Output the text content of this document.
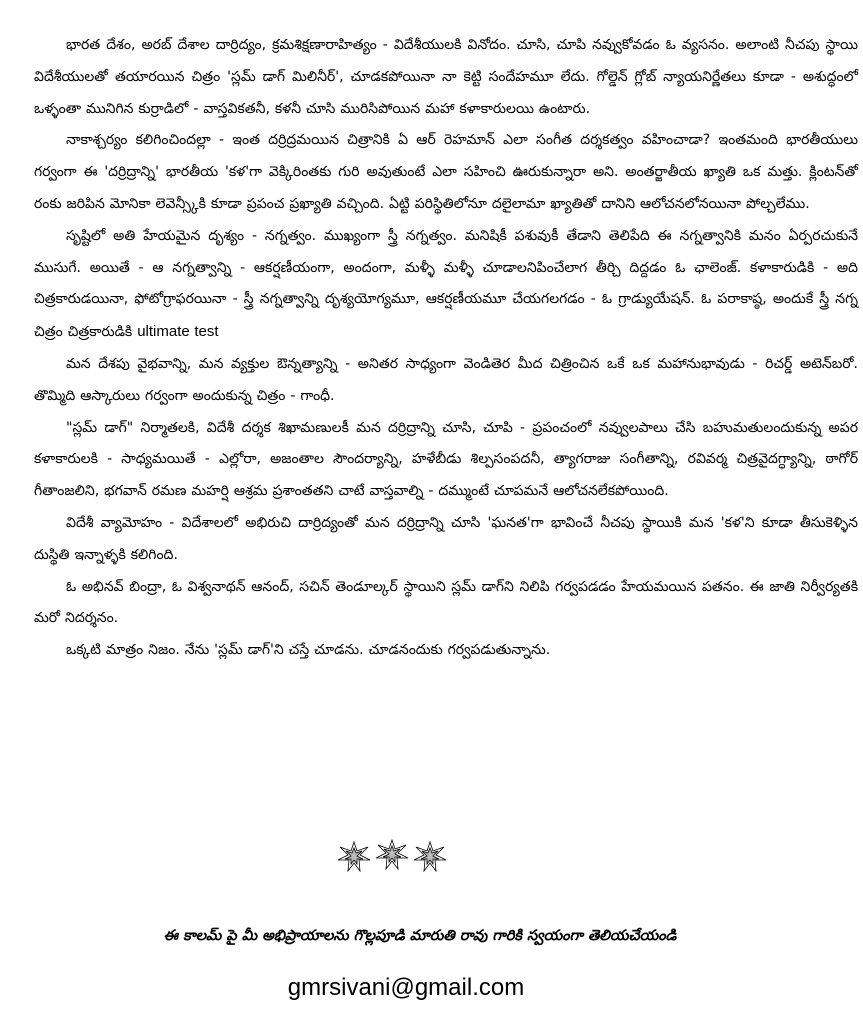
భారత దేశం, అరబ్ దేశాల దార్రిద్యం, క్రమశిక్షణారాహిత్యం - విదేశీయులకి వినోదం. చూసి, చూపి నవ్వుకోవడం ఓ వ్యసనం. అలాంటి నీచపు స్థాయి విదేశీయులతో తయారయిన చిత్రం 'స్లమ్ డాగ్ మిలినీర్', చూడకపోయినా నా కెట్టి సందేహమూ లేదు. గోల్డెన్ గ్లోబ్ న్యాయనిర్ణేతలు కూడా - అశుద్ధంలో ఒళ్ళంతా మునిగిన కుర్రాడిలో - వాస్తవికతనీ, కళనీ చూసి మురిసిపోయిన మహా కళాకారులయి ఉంటారు.

నాకాశ్చర్యం కలిగించిందల్లా - ఇంత దర్రిద్రమయిన చిత్రానికి ఏ ఆర్ రెహమాన్ ఎలా సంగీత దర్శకత్వం వహించాడా? ఇంతమంది భారతీయులు గర్వంగా ఈ 'దర్రిద్రాన్ని' భారతీయ 'కళ'గా వెక్కిరింతకు గురి అవుతుంటే ఎలా సహించి ఊరుకున్నారా అని. అంతర్జాతీయ ఖ్యాతి ఒక మత్తు. క్లింటన్‌తో రంకు జరిపిన మోనికా లెవెన్స్కీకి కూడా ప్రపంచ ప్రఖ్యాతి వచ్చింది. ఏట్టి పరిస్థితిలోనూ దలైలామా ఖ్యాతితో దానిని ఆలోచనలోనయినా పోల్చలేము.

సృష్టిలో అతి హేయమైన దృశ్యం - నగ్నత్వం. ముఖ్యంగా స్త్రీ నగ్నత్వం. మనిషికీ పశువుకీ తేడాని తెలిపేది ఈ నగ్నత్వానికి మనం ఏర్పరచుకునే ముసుగే. అయితే - ఆ నగ్నత్వాన్ని - ఆకర్షణీయంగా, అందంగా, మళ్ళీ మళ్ళీ చూడాలనిపించేలాగ తీర్చి దిద్దడం ఓ ఛాలెంజ్. కళాకారుడికి - అది చిత్రకారుడయినా, ఫోటోగ్రాఫరయినా - స్త్రీ నగ్నత్వాన్ని దృశ్యయోగ్యమూ, ఆకర్షణీయమూ చేయగలగడం - ఓ గ్రాడ్యుయేషన్. ఓ పరాకాష్ఠ, అందుకే స్త్రీ నగ్న చిత్రం చిత్రకారుడికి ultimate test

మన దేశపు వైభవాన్ని, మన వ్యక్తుల ఔన్నత్యాన్ని - అనితర సాధ్యంగా వెండితెర మీద చిత్రించిన ఒకే ఒక మహానుభావుడు - రిచర్డ్ అటెన్‌బరో. తొమ్మిది ఆస్కారులు గర్వంగా అందుకున్న చిత్రం - గాంధీ.

"స్లమ్ డాగ్" నిర్మాతలకి, విదేశీ దర్శక శిఖామణులకీ మన దర్రిద్రాన్ని చూసి, చూపి - ప్రపంచంలో నవ్వులపాలు చేసి బహుమతులందుకున్న అపర కళాకారులకి - సాధ్యమయితే - ఎల్లోరా, అజంతాల సౌందర్యాన్ని, హళేబీడు శిల్పసంపదనీ, త్యాగరాజు సంగీతాన్ని, రవివర్మ చిత్రవైదగ్ధ్యాన్ని, ఠాగోర్ గీతాంజలిని, భగవాన్ రమణ మహర్షి ఆశ్రమ ప్రశాంతతని చాటే వాస్తవాల్ని - దమ్ముంటే చూపమనే ఆలోచనలేకపోయింది.

విదేశీ వ్యామోహం - విదేశాలలో అభిరుచి దార్రిద్యంతో మన దర్రిద్రాన్ని చూసి 'ఘనత'గా భావించే నీచపు స్థాయికి మన 'కళ'ని కూడా తీసుకెళ్ళిన దుస్థితి ఇన్నాళ్ళకి కలిగింది.

ఓ అభినవ్ బింద్రా, ఓ విశ్వనాథన్ ఆనంద్, సచిన్ తెండూల్కర్ స్థాయిని స్లమ్ డాగ్‌ని నిలిపి గర్వపడడం హేయమయిన పతనం. ఈ జాతి నిర్వీర్యతకి మరో నిదర్శనం.

ఒక్కటి మాత్రం నిజం. నేను 'స్లమ్ డాగ్'ని చస్తే చూడను. చూడనందుకు గర్వపడుతున్నాను.

ఈ కాలమ్ పై మీ అభిప్రాయాలను గొల్లపూడి మారుతి రావు గారికి స్వయంగా తెలియచేయండి
gmrsivani@gmail.com
